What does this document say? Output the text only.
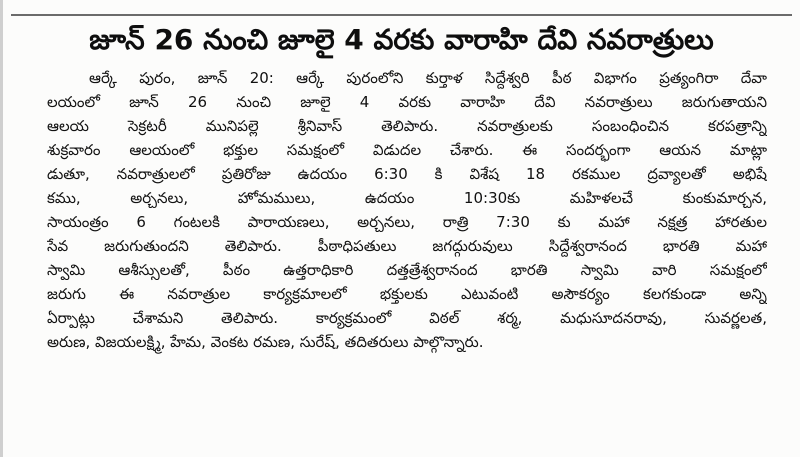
జూన్ 26 నుంచి జూలై 4 వరకు వారాహి దేవి నవరాత్రులు
ఆర్కే పురం, జూన్ 20: ఆర్కే పురంలోని కుర్తాళ సిద్దేశ్వరి పీఠ విభాగం ప్రత్యంగిరా దేవా
లయంలో జూన్ 26 నుంచి జూలై 4 వరకు వారాహి దేవి నవరాత్రులు జరుగుతాయని
ఆలయ సెక్రటరీ మునిపల్లె శ్రీనివాస్ తెలిపారు. నవరాత్రులకు సంబంధించిన కరపత్రాన్ని
శుక్రవారం ఆలయంలో భక్తుల సమక్షంలో విడుదల చేశారు. ఈ సందర్భంగా ఆయన మాట్లా
డుతూ, నవరాత్రులలో ప్రతిరోజు ఉదయం 6:30 కి విశేష 18 రకముల ద్రవ్యాలతో అభిషే
కము, అర్చనలు, హోమములు, ఉదయం 10:30కు మహిళలచే కుంకుమార్చన,
సాయంత్రం 6 గంటలకి పారాయణలు, అర్చనలు, రాత్రి 7:30 కు మహా నక్షత్ర హారతుల
సేవ జరుగుతుందని తెలిపారు. పీఠాధిపతులు జగద్గురువులు సిద్దేశ్వరానంద భారతి మహా
స్వామి ఆశీస్సులతో, పీఠం ఉత్తరాధికారి దత్తత్రేశ్వరానంద భారతి స్వామి వారి సమక్షంలో
జరుగు ఈ నవరాత్రుల కార్యక్రమాలలో భక్తులకు ఎటువంటి అసౌకర్యం కలగకుండా అన్ని
ఏర్పాట్లు చేశామని తెలిపారు. కార్యక్రమంలో విఠల్ శర్మ, మధుసూదనరావు, సువర్ణలత,
అరుణ, విజయలక్ష్మి, హేమ, వెంకట రమణ, సురేష్, తదితరులు పాల్గొన్నారు.
